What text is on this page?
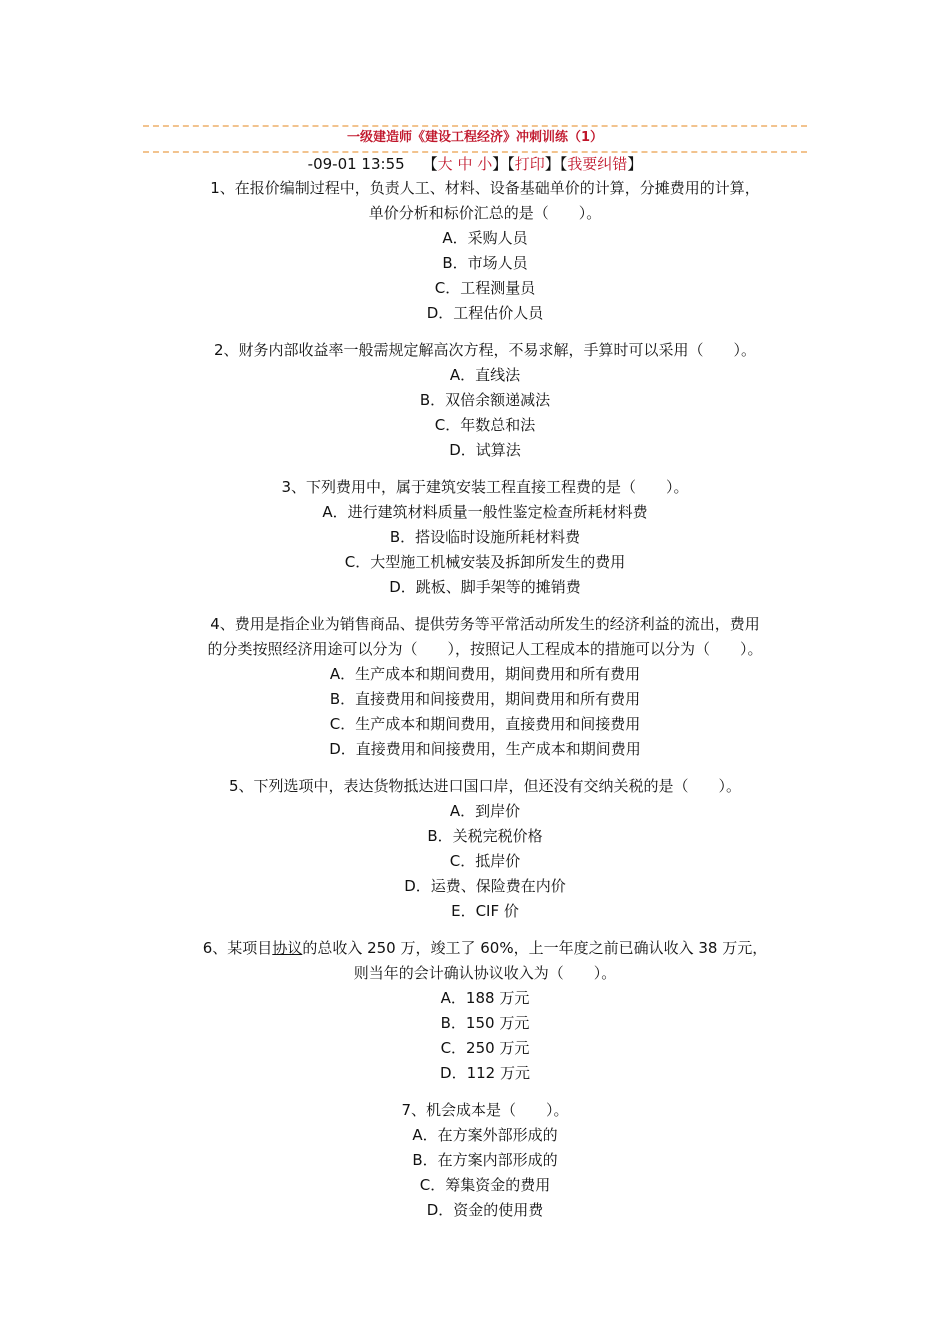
一级建造师《建设工程经济》冲刺训练（1）
-09-01 13:55 【大 中 小】【打印】【我要纠错】
1、在报价编制过程中，负责人工、材料、设备基础单价的计算，分摊费用的计算，
单价分析和标价汇总的是（　　）。
A．采购人员
B．市场人员
C．工程测量员
D．工程估价人员
2、财务内部收益率一般需规定解高次方程，不易求解，手算时可以采用（　　）。
A．直线法
B．双倍余额递减法
C．年数总和法
D．试算法
3、下列费用中，属于建筑安装工程直接工程费的是（　　）。
A．进行建筑材料质量一般性鉴定检查所耗材料费
B．搭设临时设施所耗材料费
C．大型施工机械安装及拆卸所发生的费用
D．跳板、脚手架等的摊销费
4、费用是指企业为销售商品、提供劳务等平常活动所发生的经济利益的流出，费用
的分类按照经济用途可以分为（　　），按照记人工程成本的措施可以分为（　　）。
A．生产成本和期间费用，期间费用和所有费用
B．直接费用和间接费用，期间费用和所有费用
C．生产成本和期间费用，直接费用和间接费用
D．直接费用和间接费用，生产成本和期间费用
5、下列选项中，表达货物抵达进口国口岸，但还没有交纳关税的是（　　）。
A．到岸价
B．关税完税价格
C．抵岸价
D．运费、保险费在内价
E．CIF 价
6、某项目协议的总收入 250 万，竣工了 60%，上一年度之前已确认收入 38 万元，
则当年的会计确认协议收入为（　　）。
A．188 万元
B．150 万元
C．250 万元
D．112 万元
7、机会成本是（　　）。
A．在方案外部形成的
B．在方案内部形成的
C．筹集资金的费用
D．资金的使用费
